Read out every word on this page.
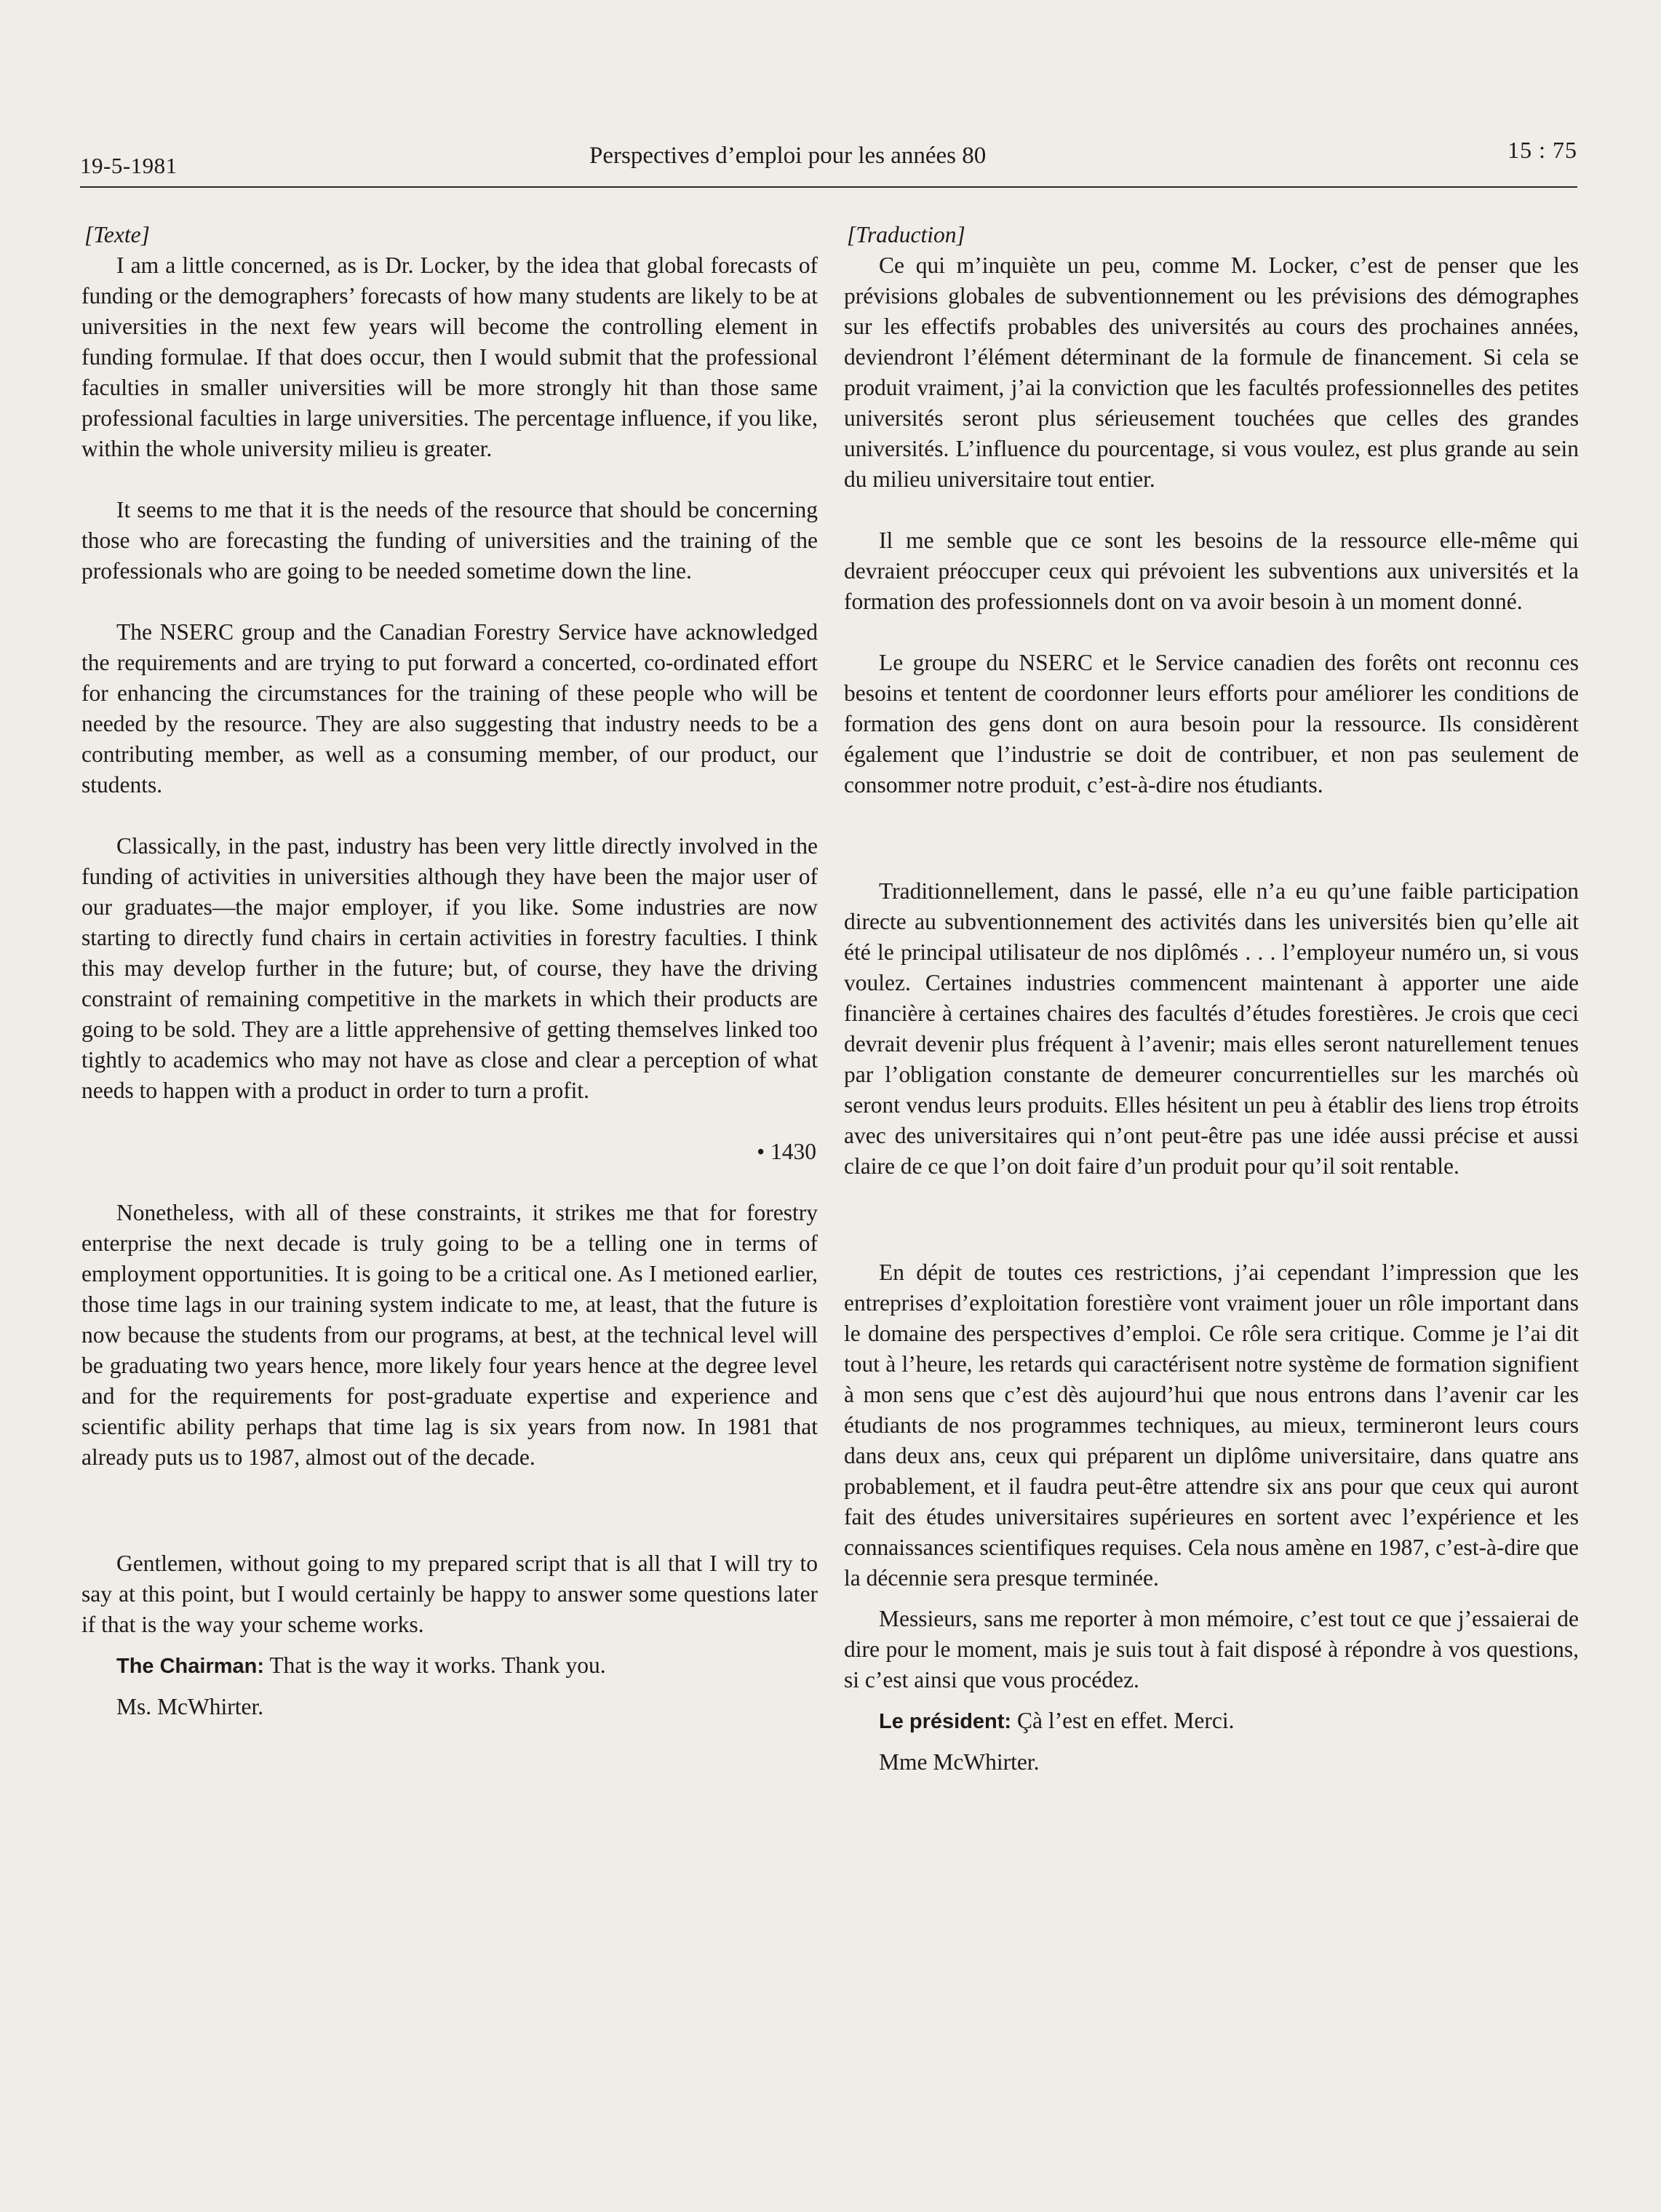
19-5-1981	Perspectives d’emploi pour les années 80	15 : 75
[Texte]

I am a little concerned, as is Dr. Locker, by the idea that global forecasts of funding or the demographers’ forecasts of how many students are likely to be at universities in the next few years will become the controlling element in funding formulae. If that does occur, then I would submit that the professional faculties in smaller universities will be more strongly hit than those same professional faculties in large universities. The percentage influence, if you like, within the whole university milieu is greater.

It seems to me that it is the needs of the resource that should be concerning those who are forecasting the funding of universities and the training of the professionals who are going to be needed sometime down the line.

The NSERC group and the Canadian Forestry Service have acknowledged the requirements and are trying to put forward a concerted, co-ordinated effort for enhancing the circumstances for the training of these people who will be needed by the resource. They are also suggesting that industry needs to be a contributing member, as well as a consuming member, of our product, our students.

Classically, in the past, industry has been very little directly involved in the funding of activities in universities although they have been the major user of our graduates—the major employer, if you like. Some industries are now starting to directly fund chairs in certain activities in forestry faculties. I think this may develop further in the future; but, of course, they have the driving constraint of remaining competitive in the markets in which their products are going to be sold. They are a little apprehensive of getting themselves linked too tightly to academics who may not have as close and clear a perception of what needs to happen with a product in order to turn a profit.

• 1430

Nonetheless, with all of these constraints, it strikes me that for forestry enterprise the next decade is truly going to be a telling one in terms of employment opportunities. It is going to be a critical one. As I metioned earlier, those time lags in our training system indicate to me, at least, that the future is now because the students from our programs, at best, at the technical level will be graduating two years hence, more likely four years hence at the degree level and for the requirements for post-graduate expertise and experience and scientific ability perhaps that time lag is six years from now. In 1981 that already puts us to 1987, almost out of the decade.

Gentlemen, without going to my prepared script that is all that I will try to say at this point, but I would certainly be happy to answer some questions later if that is the way your scheme works.

The Chairman: That is the way it works. Thank you.

Ms. McWhirter.

[Traduction]

Ce qui m’inquiète un peu, comme M. Locker, c’est de penser que les prévisions globales de subventionnement ou les prévisions des démographes sur les effectifs probables des universités au cours des prochaines années, deviendront l’élément déterminant de la formule de financement. Si cela se produit vraiment, j’ai la conviction que les facultés professionnelles des petites universités seront plus sérieusement touchées que celles des grandes universités. L’influence du pourcentage, si vous voulez, est plus grande au sein du milieu universitaire tout entier.

Il me semble que ce sont les besoins de la ressource elle-même qui devraient préoccuper ceux qui prévoient les subventions aux universités et la formation des professionnels dont on va avoir besoin à un moment donné.

Le groupe du NSERC et le Service canadien des forêts ont reconnu ces besoins et tentent de coordonner leurs efforts pour améliorer les conditions de formation des gens dont on aura besoin pour la ressource. Ils considèrent également que l’industrie se doit de contribuer, et non pas seulement de consommer notre produit, c’est-à-dire nos étudiants.

Traditionnellement, dans le passé, elle n’a eu qu’une faible participation directe au subventionnement des activités dans les universités bien qu’elle ait été le principal utilisateur de nos diplômés . . . l’employeur numéro un, si vous voulez. Certaines industries commencent maintenant à apporter une aide financière à certaines chaires des facultés d’études forestières. Je crois que ceci devrait devenir plus fréquent à l’avenir; mais elles seront naturellement tenues par l’obligation constante de demeurer concurrentielles sur les marchés où seront vendus leurs produits. Elles hésitent un peu à établir des liens trop étroits avec des universitaires qui n’ont peut-être pas une idée aussi précise et aussi claire de ce que l’on doit faire d’un produit pour qu’il soit rentable.

En dépit de toutes ces restrictions, j’ai cependant l’impression que les entreprises d’exploitation forestière vont vraiment jouer un rôle important dans le domaine des perspectives d’emploi. Ce rôle sera critique. Comme je l’ai dit tout à l’heure, les retards qui caractérisent notre système de formation signifient à mon sens que c’est dès aujourd’hui que nous entrons dans l’avenir car les étudiants de nos programmes techniques, au mieux, termineront leurs cours dans deux ans, ceux qui préparent un diplôme universitaire, dans quatre ans probablement, et il faudra peut-être attendre six ans pour que ceux qui auront fait des études universitaires supérieures en sortent avec l’expérience et les connaissances scientifiques requises. Cela nous amène en 1987, c’est-à-dire que la décennie sera presque terminée.

Messieurs, sans me reporter à mon mémoire, c’est tout ce que j’essaierai de dire pour le moment, mais je suis tout à fait disposé à répondre à vos questions, si c’est ainsi que vous procédez.

Le président: Çà l’est en effet. Merci.

Mme McWhirter.
